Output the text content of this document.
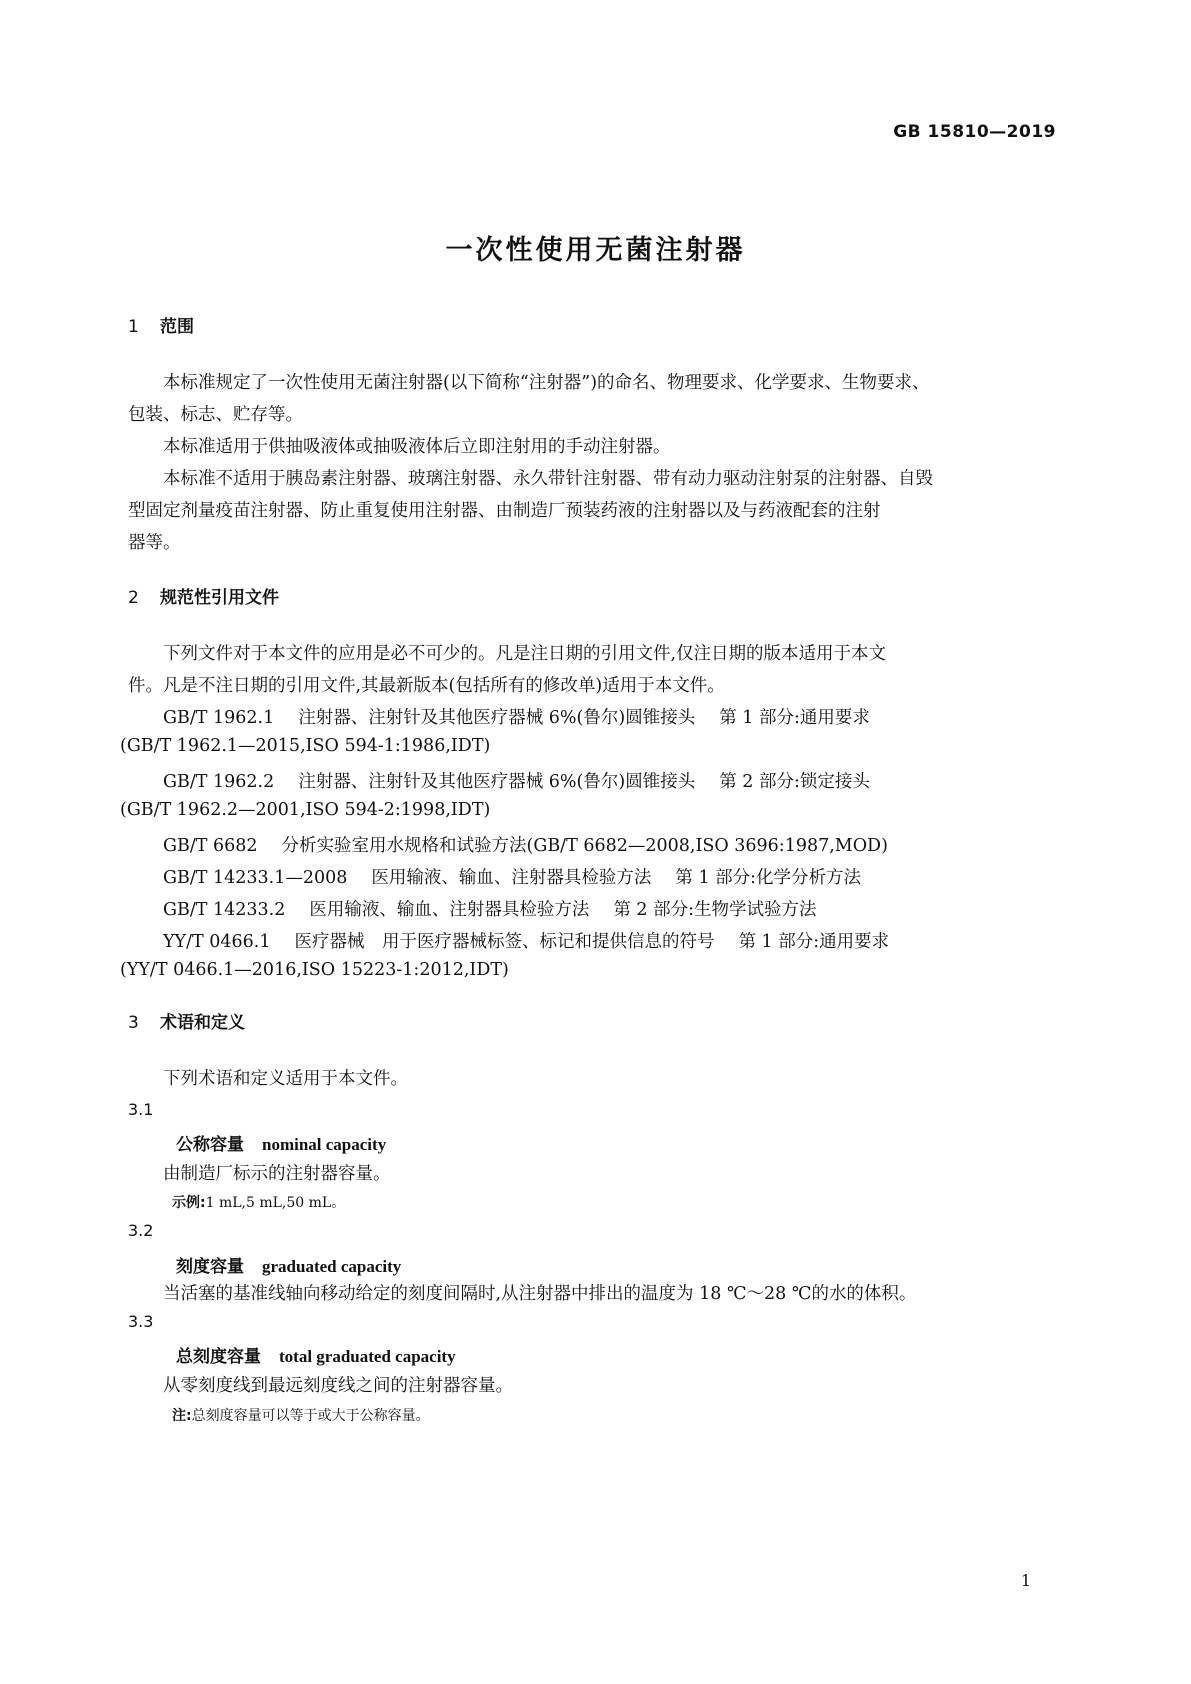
GB 15810—2019
一次性使用无菌注射器
1 范围
本标准规定了一次性使用无菌注射器(以下简称“注射器”)的命名、物理要求、化学要求、生物要求、
包装、标志、贮存等。
本标准适用于供抽吸液体或抽吸液体后立即注射用的手动注射器。
本标准不适用于胰岛素注射器、玻璃注射器、永久带针注射器、带有动力驱动注射泵的注射器、自毁
型固定剂量疫苗注射器、防止重复使用注射器、由制造厂预装药液的注射器以及与药液配套的注射
器等。
2 规范性引用文件
下列文件对于本文件的应用是必不可少的。凡是注日期的引用文件,仅注日期的版本适用于本文
件。凡是不注日期的引用文件,其最新版本(包括所有的修改单)适用于本文件。
GB/T 1962.1 注射器、注射针及其他医疗器械 6%(鲁尔)圆锥接头 第 1 部分:通用要求
(GB/T 1962.1—2015,ISO 594-1:1986,IDT)
GB/T 1962.2 注射器、注射针及其他医疗器械 6%(鲁尔)圆锥接头 第 2 部分:锁定接头
(GB/T 1962.2—2001,ISO 594-2:1998,IDT)
GB/T 6682 分析实验室用水规格和试验方法(GB/T 6682—2008,ISO 3696:1987,MOD)
GB/T 14233.1—2008 医用输液、输血、注射器具检验方法 第 1 部分:化学分析方法
GB/T 14233.2 医用输液、输血、注射器具检验方法 第 2 部分:生物学试验方法
YY/T 0466.1 医疗器械　用于医疗器械标签、标记和提供信息的符号 第 1 部分:通用要求
(YY/T 0466.1—2016,ISO 15223-1:2012,IDT)
3 术语和定义
下列术语和定义适用于本文件。
3.1
公称容量 nominal capacity
由制造厂标示的注射器容量。
示例:1 mL,5 mL,50 mL。
3.2
刻度容量 graduated capacity
当活塞的基准线轴向移动给定的刻度间隔时,从注射器中排出的温度为 18 ℃～28 ℃的水的体积。
3.3
总刻度容量 total graduated capacity
从零刻度线到最远刻度线之间的注射器容量。
注:总刻度容量可以等于或大于公称容量。
1
